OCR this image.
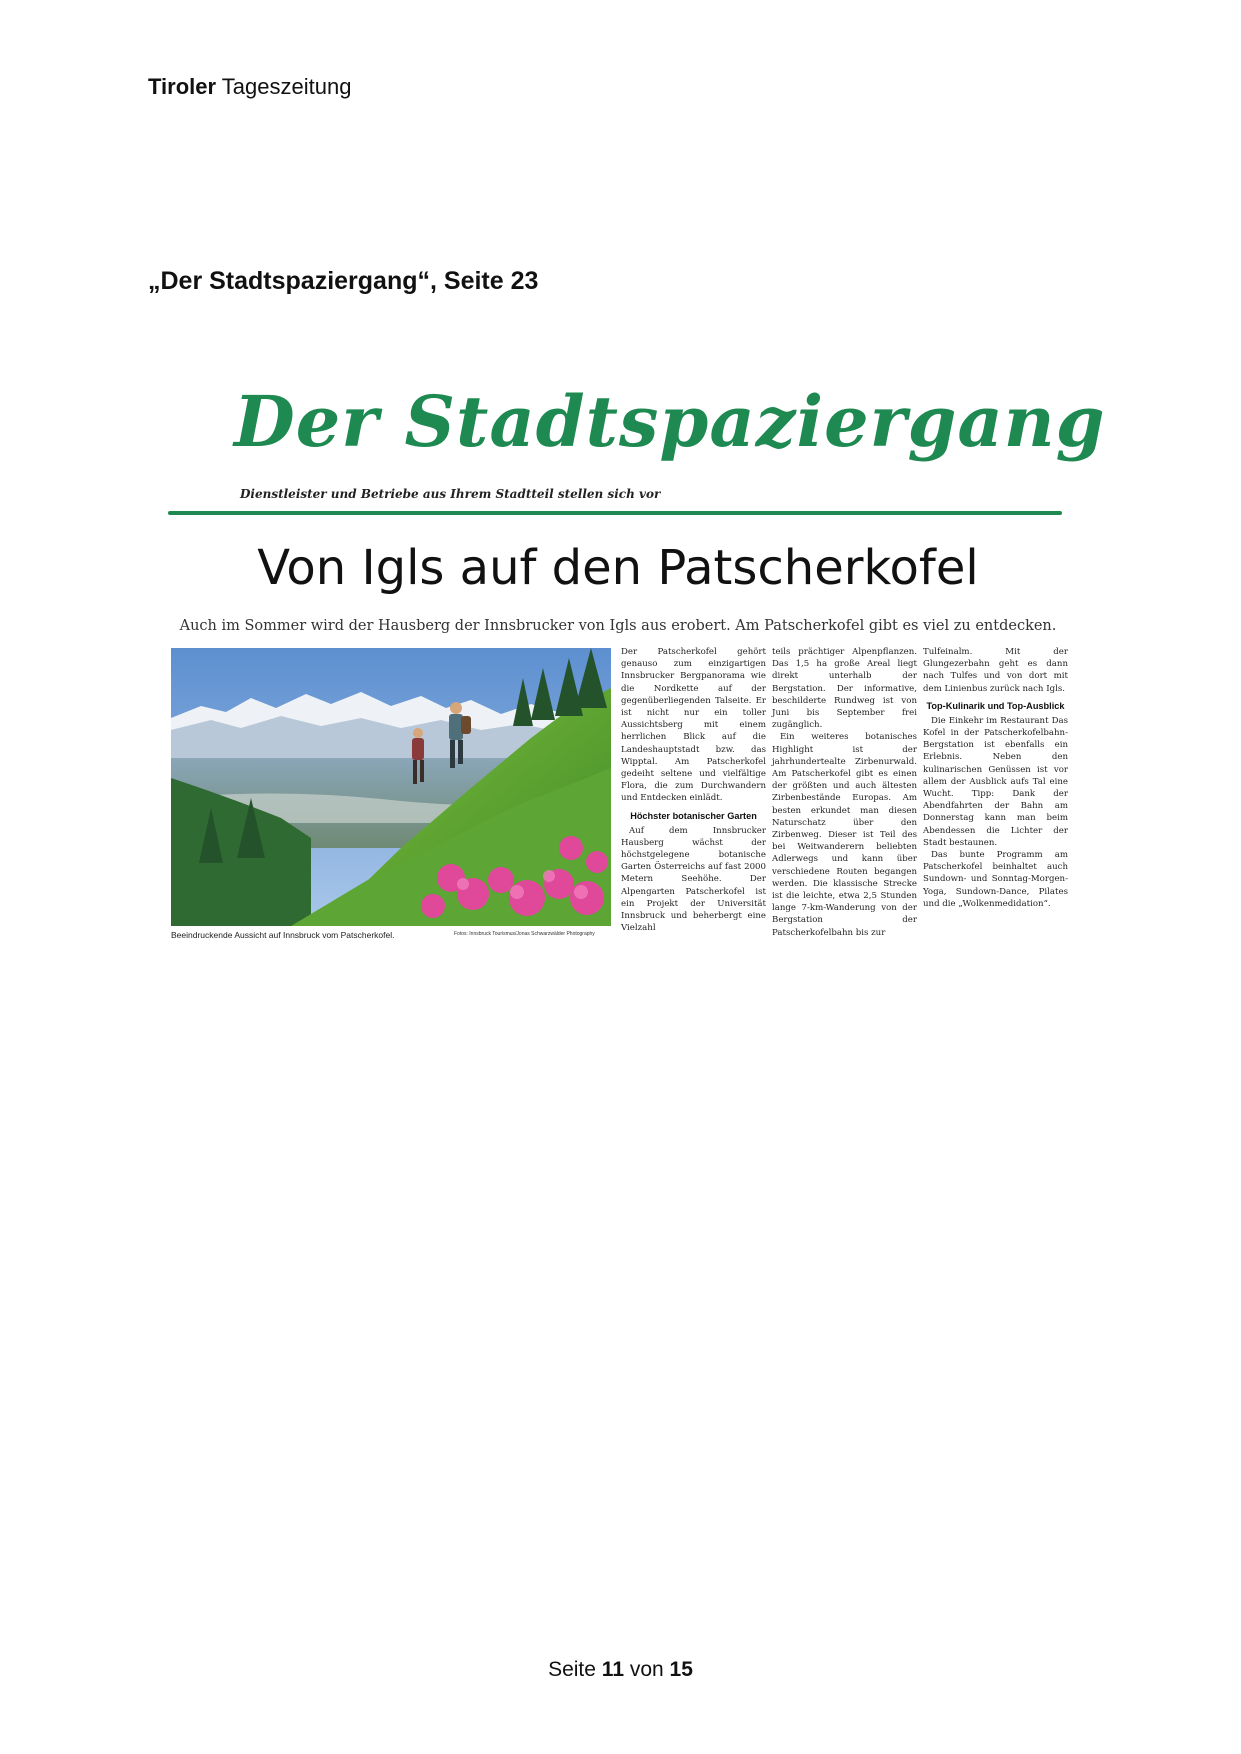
Tiroler Tageszeitung
„Der Stadtspaziergang“, Seite 23
Der Stadtspaziergang
Dienstleister und Betriebe aus Ihrem Stadtteil stellen sich vor
Von Igls auf den Patscherkofel
Auch im Sommer wird der Hausberg der Innsbrucker von Igls aus erobert. Am Patscherkofel gibt es viel zu entdecken.
Beeindruckende Aussicht auf Innsbruck vom Patscherkofel.	Fotos: Innsbruck Tourismus/Jonas Schwarzwälder Photography

Der Patscherkofel gehört genauso zum einzigartigen Innsbrucker Bergpanorama wie die Nordkette auf der gegenüberliegenden Talseite. Er ist nicht nur ein toller Aussichtsberg mit einem herrlichen Blick auf die Landeshauptstadt bzw. das Wipptal. Am Patscherkofel gedeiht seltene und vielfältige Flora, die zum Durchwandern und Entdecken einlädt.

Höchster botanischer Garten

Auf dem Innsbrucker Hausberg wächst der höchstgelegene botanische Garten Österreichs auf fast 2000 Metern Seehöhe. Der Alpengarten Patscherkofel ist ein Projekt der Universität Innsbruck und beherbergt eine Vielzahl

teils prächtiger Alpenpflanzen. Das 1,5 ha große Areal liegt direkt unterhalb der Bergstation. Der informative, beschilderte Rundweg ist von Juni bis September frei zugänglich.

Ein weiteres botanisches Highlight ist der jahrhundertealte Zirbenurwald. Am Patscherkofel gibt es einen der größten und auch ältesten Zirbenbestände Europas. Am besten erkundet man diesen Naturschatz über den Zirbenweg. Dieser ist Teil des bei Weitwanderern beliebten Adlerwegs und kann über verschiedene Routen begangen werden. Die klassische Strecke ist die leichte, etwa 2,5 Stunden lange 7-km-Wanderung von der Bergstation der Patscherkofelbahn bis zur

Tulfeinalm. Mit der Glungezerbahn geht es dann nach Tulfes und von dort mit dem Linienbus zurück nach Igls.

Top-Kulinarik und Top-Ausblick

Die Einkehr im Restaurant Das Kofel in der Patscherkofelbahn-Bergstation ist ebenfalls ein Erlebnis. Neben den kulinarischen Genüssen ist vor allem der Ausblick aufs Tal eine Wucht. Tipp: Dank der Abendfahrten der Bahn am Donnerstag kann man beim Abendessen die Lichter der Stadt bestaunen.

Das bunte Programm am Patscherkofel beinhaltet auch Sundown- und Sonntag-Morgen-Yoga, Sundown-Dance, Pilates und die „Wolkenmedidation“.

Seite 11 von 15
